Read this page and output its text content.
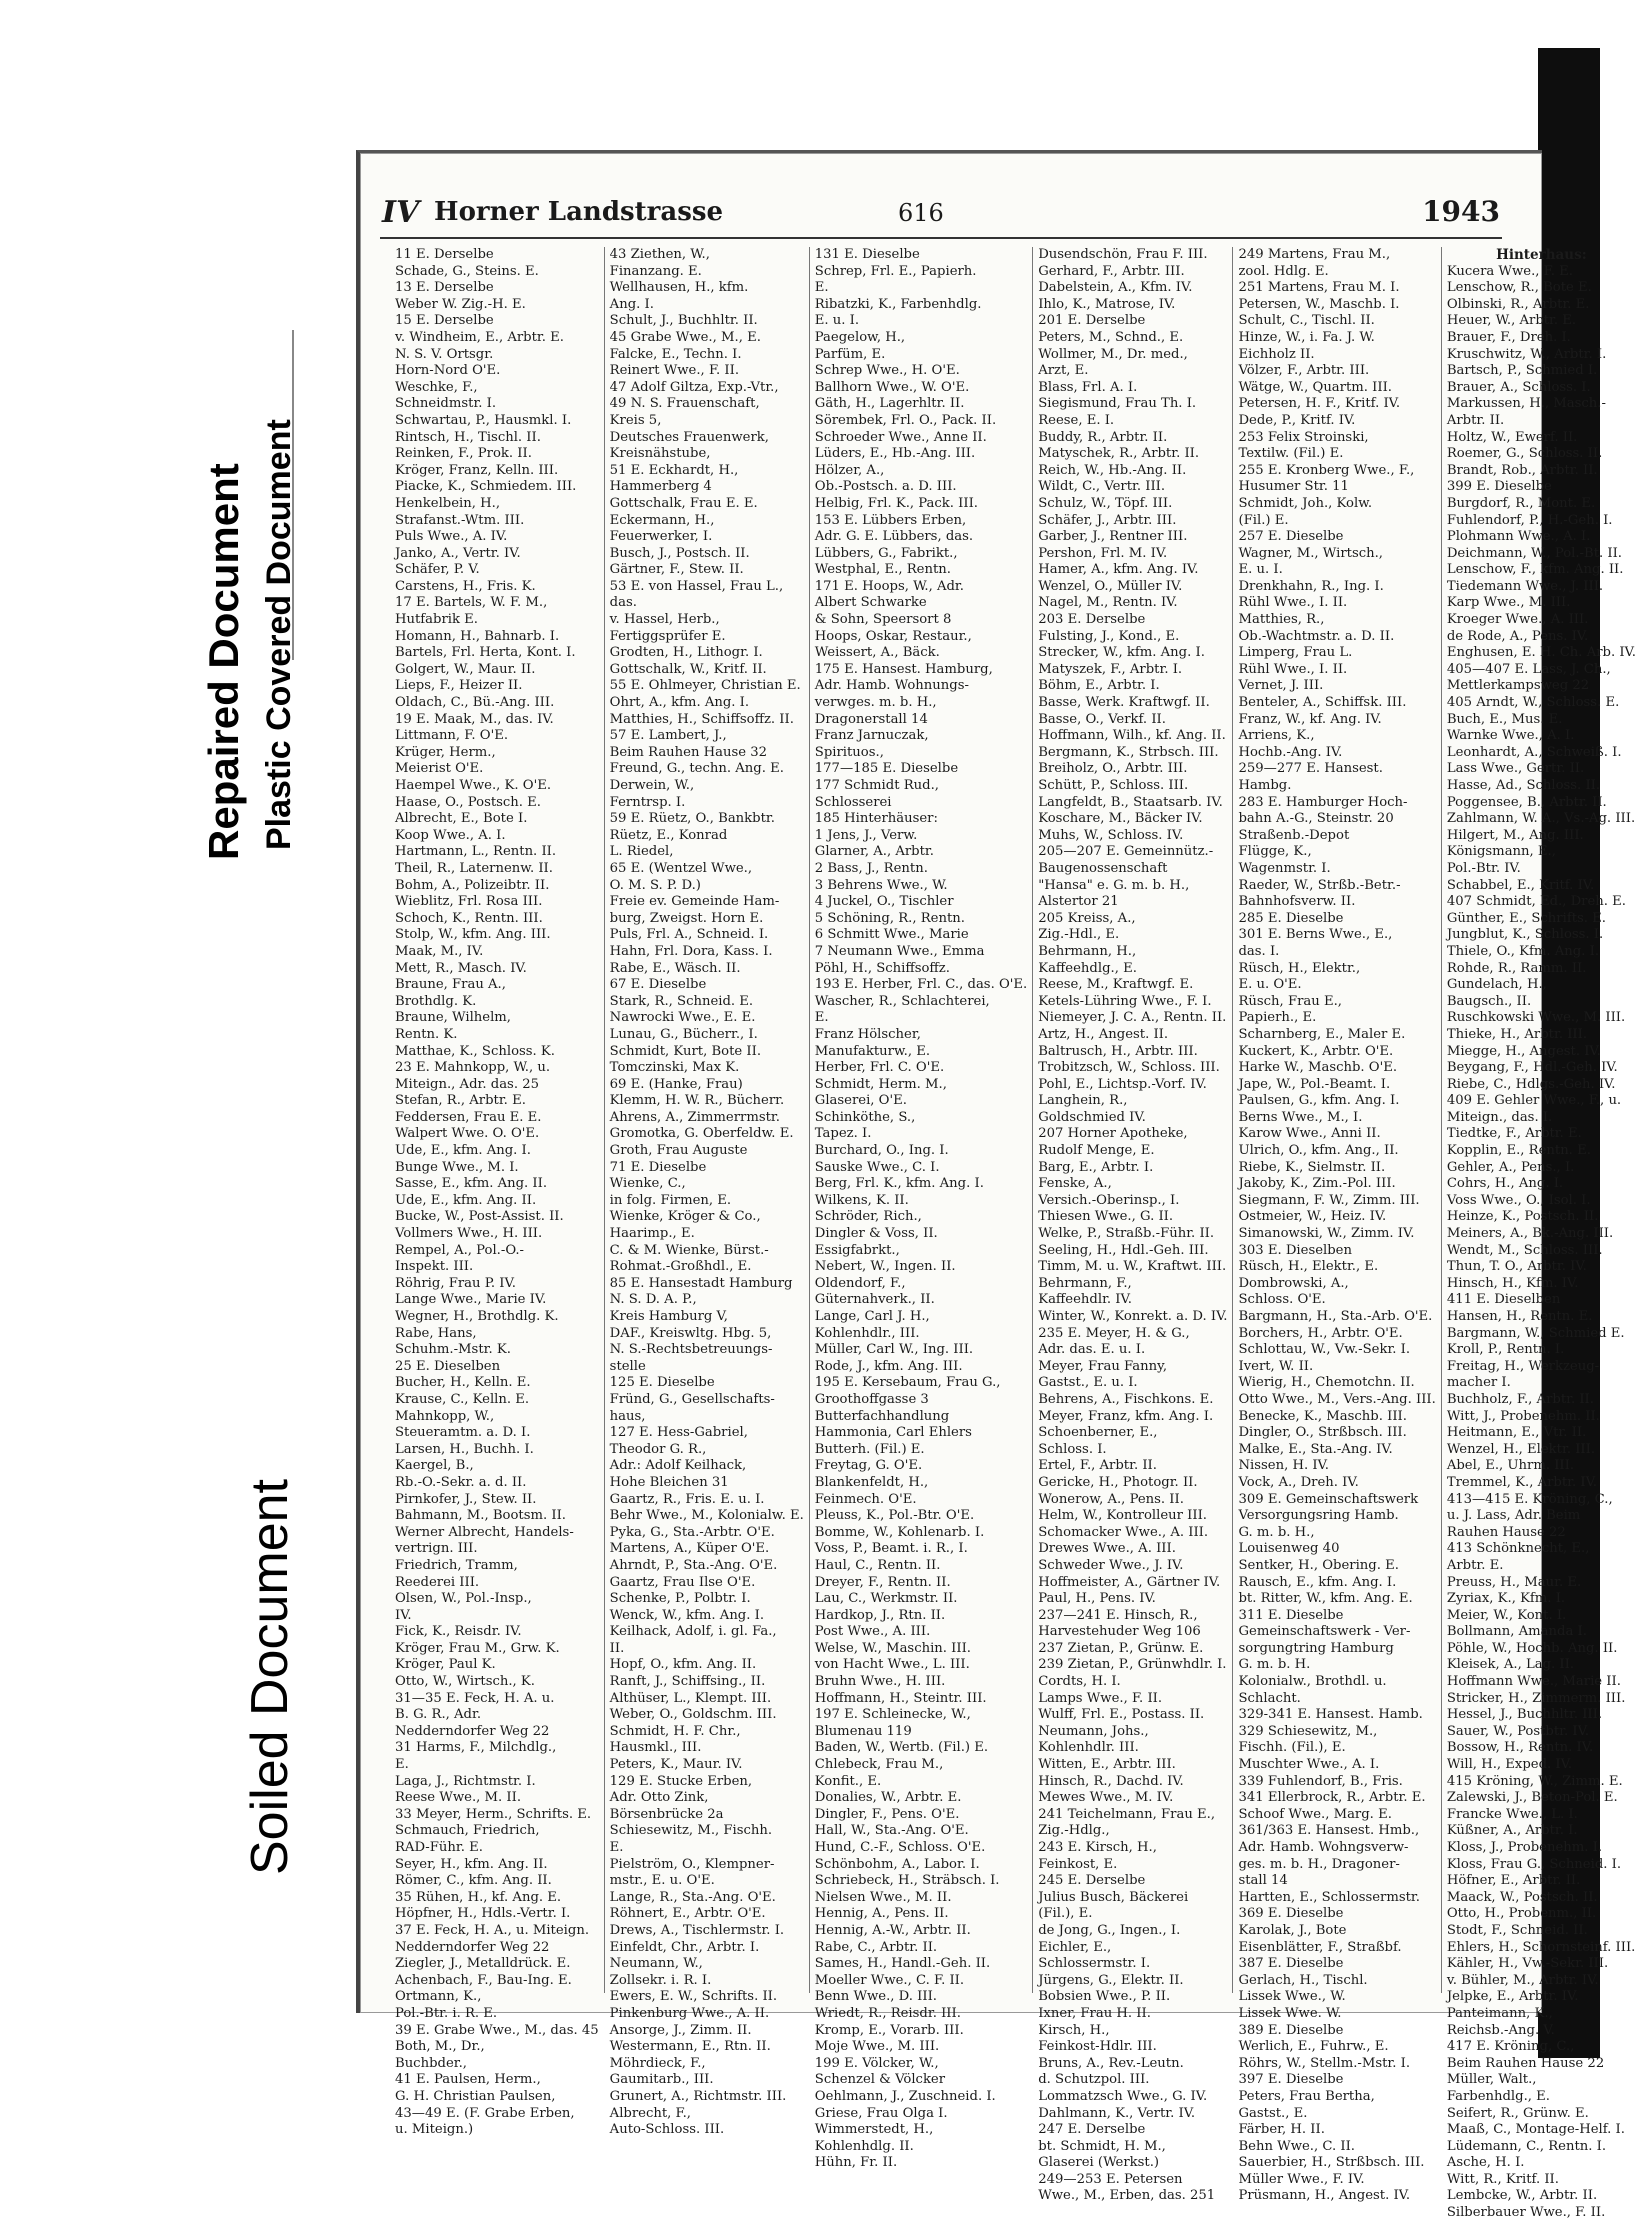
Repaired Document Plastic Covered Document
Soiled Document
IV Horner Landstrasse	616	1943
11 E. Derselbe
Schade, G., Steins. E.
13 E. Derselbe
Weber W. Zig.-H. E.
15 E. Derselbe
v. Windheim, E., Arbtr. E.
N. S. V. Ortsgr.
Horn-Nord O'E.
Weschke, F.,
Schneidmstr. I.
Schwartau, P., Hausmkl. I.
Rintsch, H., Tischl. II.
Reinken, F., Prok. II.
Kröger, Franz, Kelln. III.
Piacke, K., Schmiedem. III.
Henkelbein, H.,
Strafanst.-Wtm. III.
Puls Wwe., A. IV.
Janko, A., Vertr. IV.
Schäfer, P. V.
Carstens, H., Fris. K.
17 E. Bartels, W. F. M.,
Hutfabrik E.
Homann, H., Bahnarb. I.
Bartels, Frl. Herta, Kont. I.
Golgert, W., Maur. II.
Lieps, F., Heizer II.
Oldach, C., Bü.-Ang. III.
19 E. Maak, M., das. IV.
Littmann, F. O'E.
Krüger, Herm.,
Meierist O'E.
Haempel Wwe., K. O'E.
Haase, O., Postsch. E.
Albrecht, E., Bote I.
Koop Wwe., A. I.
Hartmann, L., Rentn. II.
Theil, R., Laternenw. II.
Bohm, A., Polizeibtr. II.
Wieblitz, Frl. Rosa III.
Schoch, K., Rentn. III.
Stolp, W., kfm. Ang. III.
Maak, M., IV.
Mett, R., Masch. IV.
Braune, Frau A.,
Brothdlg. K.
Braune, Wilhelm,
Rentn. K.
Matthae, K., Schloss. K.
23 E. Mahnkopp, W., u.
Miteign., Adr. das. 25
Stefan, R., Arbtr. E.
Feddersen, Frau E. E.
Walpert Wwe. O. O'E.
Ude, E., kfm. Ang. I.
Bunge Wwe., M. I.
Sasse, E., kfm. Ang. II.
Ude, E., kfm. Ang. II.
Bucke, W., Post-Assist. II.
Vollmers Wwe., H. III.
Rempel, A., Pol.-O.-
Inspekt. III.
Röhrig, Frau P. IV.
Lange Wwe., Marie IV.
Wegner, H., Brothdlg. K.
Rabe, Hans,
Schuhm.-Mstr. K.
25 E. Dieselben
Bucher, H., Kelln. E.
Krause, C., Kelln. E.
Mahnkopp, W.,
Steueramtm. a. D. I.
Larsen, H., Buchh. I.
Kaergel, B.,
Rb.-O.-Sekr. a. d. II.
Pirnkofer, J., Stew. II.
Bahmann, M., Bootsm. II.
Werner Albrecht, Handels-
vertrign. III.
Friedrich, Tramm,
Reederei III.
Olsen, W., Pol.-Insp.,
IV.
Fick, K., Reisdr. IV.
Kröger, Frau M., Grw. K.
Kröger, Paul K.
Otto, W., Wirtsch., K.
31—35 E. Feck, H. A. u.
B. G. R., Adr.
Nedderndorfer Weg 22
31 Harms, F., Milchdlg.,
E.
Laga, J., Richtmstr. I.
Reese Wwe., M. II.
33 Meyer, Herm., Schrifts. E.
Schmauch, Friedrich,
RAD-Führ. E.
Seyer, H., kfm. Ang. II.
Römer, C., kfm. Ang. II.
35 Rühen, H., kf. Ang. E.
Höpfner, H., Hdls.-Vertr. I.
37 E. Feck, H. A., u. Miteign.
Nedderndorfer Weg 22
Ziegler, J., Metalldrück. E.
Achenbach, F., Bau-Ing. E.
Ortmann, K.,
Pol.-Btr. i. R. E.
39 E. Grabe Wwe., M., das. 45
Both, M., Dr.,
Buchbder.,
41 E. Paulsen, Herm.,
G. H. Christian Paulsen,
43—49 E. (F. Grabe Erben,
u. Miteign.)
43 Ziethen, W.,
Finanzang. E.
Wellhausen, H., kfm.
Ang. I.
Schult, J., Buchhltr. II.
45 Grabe Wwe., M., E.
Falcke, E., Techn. I.
Reinert Wwe., F. II.
47 Adolf Giltza, Exp.-Vtr.,
49 N. S. Frauenschaft,
Kreis 5,
Deutsches Frauenwerk,
Kreisnähstube,
51 E. Eckhardt, H.,
Hammerberg 4
Gottschalk, Frau E. E.
Eckermann, H.,
Feuerwerker, I.
Busch, J., Postsch. II.
Gärtner, F., Stew. II.
53 E. von Hassel, Frau L.,
das.
v. Hassel, Herb.,
Fertiggsprüfer E.
Grodten, H., Lithogr. I.
Gottschalk, W., Kritf. II.
55 E. Ohlmeyer, Christian E.
Ohrt, A., kfm. Ang. I.
Matthies, H., Schiffsoffz. II.
57 E. Lambert, J.,
Beim Rauhen Hause 32
Freund, G., techn. Ang. E.
Derwein, W.,
Ferntrsp. I.
59 E. Rüetz, O., Bankbtr.
Rüetz, E., Konrad
L. Riedel,
65 E. (Wentzel Wwe.,
O. M. S. P. D.)
Freie ev. Gemeinde Ham-
burg, Zweigst. Horn E.
Puls, Frl. A., Schneid. I.
Hahn, Frl. Dora, Kass. I.
Rabe, E., Wäsch. II.
67 E. Dieselbe
Stark, R., Schneid. E.
Nawrocki Wwe., E. E.
Lunau, G., Bücherr., I.
Schmidt, Kurt, Bote II.
Tomczinski, Max K.
69 E. (Hanke, Frau)
Klemm, H. W. R., Bücherr.
Ahrens, A., Zimmerrmstr.
Gromotka, G. Oberfeldw. E.
Groth, Frau Auguste
71 E. Dieselbe
Wienke, C.,
in folg. Firmen, E.
Wienke, Kröger & Co.,
Haarimp., E.
C. & M. Wienke, Bürst.-
Rohmat.-Großhdl., E.
85 E. Hansestadt Hamburg
N. S. D. A. P.,
Kreis Hamburg V,
DAF., Kreiswltg. Hbg. 5,
N. S.-Rechtsbetreuungs-
stelle
125 E. Dieselbe
Fründ, G., Gesellschafts-
haus,
127 E. Hess-Gabriel,
Theodor G. R.,
Adr.: Adolf Keilhack,
Hohe Bleichen 31
Gaartz, R., Fris. E. u. I.
Behr Wwe., M., Kolonialw. E.
Pyka, G., Sta.-Arbtr. O'E.
Martens, A., Küper O'E.
Ahrndt, P., Sta.-Ang. O'E.
Gaartz, Frau Ilse O'E.
Schenke, P., Polbtr. I.
Wenck, W., kfm. Ang. I.
Keilhack, Adolf, i. gl. Fa.,
II.
Hopf, O., kfm. Ang. II.
Ranft, J., Schiffsing., II.
Althüser, L., Klempt. III.
Weber, O., Goldschm. III.
Schmidt, H. F. Chr.,
Hausmkl., III.
Peters, K., Maur. IV.
129 E. Stucke Erben,
Adr. Otto Zink,
Börsenbrücke 2a
Schiesewitz, M., Fischh.
E.
Pielström, O., Klempner-
mstr., E. u. O'E.
Lange, R., Sta.-Ang. O'E.
Röhnert, E., Arbtr. O'E.
Drews, A., Tischlermstr. I.
Einfeldt, Chr., Arbtr. I.
Neumann, W.,
Zollsekr. i. R. I.
Ewers, E. W., Schrifts. II.
Pinkenburg Wwe., A. II.
Ansorge, J., Zimm. II.
Westermann, E., Rtn. II.
Möhrdieck, F.,
Gaumitarb., III.
Grunert, A., Richtmstr. III.
Albrecht, F.,
Auto-Schloss. III.
131 E. Dieselbe
Schrep, Frl. E., Papierh.
E.
Ribatzki, K., Farbenhdlg.
E. u. I.
Paegelow, H.,
Parfüm, E.
Schrep Wwe., H. O'E.
Ballhorn Wwe., W. O'E.
Gäth, H., Lagerhltr. II.
Sörembek, Frl. O., Pack. II.
Schroeder Wwe., Anne II.
Lüders, E., Hb.-Ang. III.
Hölzer, A.,
Ob.-Postsch. a. D. III.
Helbig, Frl. K., Pack. III.
153 E. Lübbers Erben,
Adr. G. E. Lübbers, das.
Lübbers, G., Fabrikt.,
Westphal, E., Rentn.
171 E. Hoops, W., Adr.
Albert Schwarke
& Sohn, Speersort 8
Hoops, Oskar, Restaur.,
Weissert, A., Bäck.
175 E. Hansest. Hamburg,
Adr. Hamb. Wohnungs-
verwges. m. b. H.,
Dragonerstall 14
Franz Jarnuczak,
Spirituos.,
177—185 E. Dieselbe
177 Schmidt Rud.,
Schlosserei
185 Hinterhäuser:
1 Jens, J., Verw.
Glarner, A., Arbtr.
2 Bass, J., Rentn.
3 Behrens Wwe., W.
4 Juckel, O., Tischler
5 Schöning, R., Rentn.
6 Schmitt Wwe., Marie
7 Neumann Wwe., Emma
Pöhl, H., Schiffsoffz.
193 E. Herber, Frl. C., das. O'E.
Wascher, R., Schlachterei,
E.
Franz Hölscher,
Manufakturw., E.
Herber, Frl. C. O'E.
Schmidt, Herm. M.,
Glaserei, O'E.
Schinköthe, S.,
Tapez. I.
Burchard, O., Ing. I.
Sauske Wwe., C. I.
Berg, Frl. K., kfm. Ang. I.
Wilkens, K. II.
Schröder, Rich.,
Dingler & Voss, II.
Essigfabrkt.,
Nebert, W., Ingen. II.
Oldendorf, F.,
Güternahverk., II.
Lange, Carl J. H.,
Kohlenhdlr., III.
Müller, Carl W., Ing. III.
Rode, J., kfm. Ang. III.
195 E. Kersebaum, Frau G.,
Groothoffgasse 3
Butterfachhandlung
Hammonia, Carl Ehlers
Butterh. (Fil.) E.
Freytag, G. O'E.
Blankenfeldt, H.,
Feinmech. O'E.
Pleuss, K., Pol.-Btr. O'E.
Bomme, W., Kohlenarb. I.
Voss, P., Beamt. i. R., I.
Haul, C., Rentn. II.
Dreyer, F., Rentn. II.
Lau, C., Werkmstr. II.
Hardkop, J., Rtn. II.
Post Wwe., A. III.
Welse, W., Maschin. III.
von Hacht Wwe., L. III.
Bruhn Wwe., H. III.
Hoffmann, H., Steintr. III.
197 E. Schleinecke, W.,
Blumenau 119
Baden, W., Wertb. (Fil.) E.
Chlebeck, Frau M.,
Konfit., E.
Donalies, W., Arbtr. E.
Dingler, F., Pens. O'E.
Hall, W., Sta.-Ang. O'E.
Hund, C.-F., Schloss. O'E.
Schönbohm, A., Labor. I.
Schriebeck, H., Sträbsch. I.
Nielsen Wwe., M. II.
Hennig, A., Pens. II.
Hennig, A.-W., Arbtr. II.
Rabe, C., Arbtr. II.
Sames, H., Handl.-Geh. II.
Moeller Wwe., C. F. II.
Benn Wwe., D. III.
Wriedt, R., Reisdr. III.
Kromp, E., Vorarb. III.
Moje Wwe., M. III.
199 E. Völcker, W.,
Schenzel & Völcker
Oehlmann, J., Zuschneid. I.
Griese, Frau Olga I.
Wimmerstedt, H.,
Kohlenhdlg. II.
Hühn, Fr. II.
Dusendschön, Frau F. III.
Gerhard, F., Arbtr. III.
Dabelstein, A., Kfm. IV.
Ihlo, K., Matrose, IV.
201 E. Derselbe
Peters, M., Schnd., E.
Wollmer, M., Dr. med.,
Arzt, E.
Blass, Frl. A. I.
Siegismund, Frau Th. I.
Reese, E. I.
Buddy, R., Arbtr. II.
Matyschek, R., Arbtr. II.
Reich, W., Hb.-Ang. II.
Wildt, C., Vertr. III.
Schulz, W., Töpf. III.
Schäfer, J., Arbtr. III.
Garber, J., Rentner III.
Pershon, Frl. M. IV.
Hamer, A., kfm. Ang. IV.
Wenzel, O., Müller IV.
Nagel, M., Rentn. IV.
203 E. Derselbe
Fulsting, J., Kond., E.
Strecker, W., kfm. Ang. I.
Matyszek, F., Arbtr. I.
Böhm, E., Arbtr. I.
Basse, Werk. Kraftwgf. II.
Basse, O., Verkf. II.
Hoffmann, Wilh., kf. Ang. II.
Bergmann, K., Strbsch. III.
Breiholz, O., Arbtr. III.
Schütt, P., Schloss. III.
Langfeldt, B., Staatsarb. IV.
Koschare, M., Bäcker IV.
Muhs, W., Schloss. IV.
205—207 E. Gemeinnütz.-
Baugenossenschaft
"Hansa" e. G. m. b. H.,
Alstertor 21
205 Kreiss, A.,
Zig.-Hdl., E.
Behrmann, H.,
Kaffeehdlg., E.
Reese, M., Kraftwgf. E.
Ketels-Lühring Wwe., F. I.
Niemeyer, J. C. A., Rentn. II.
Artz, H., Angest. II.
Baltrusch, H., Arbtr. III.
Trobitzsch, W., Schloss. III.
Pohl, E., Lichtsp.-Vorf. IV.
Langhein, R.,
Goldschmied IV.
207 Horner Apotheke,
Rudolf Menge, E.
Barg, E., Arbtr. I.
Fenske, A.,
Versich.-Oberinsp., I.
Thiesen Wwe., G. II.
Welke, P., Straßb.-Führ. II.
Seeling, H., Hdl.-Geh. III.
Timm, M. u. W., Kraftwt. III.
Behrmann, F.,
Kaffeehdlr. IV.
Winter, W., Konrekt. a. D. IV.
235 E. Meyer, H. & G.,
Adr. das. E. u. I.
Meyer, Frau Fanny,
Gastst., E. u. I.
Behrens, A., Fischkons. E.
Meyer, Franz, kfm. Ang. I.
Schoenberner, E.,
Schloss. I.
Ertel, F., Arbtr. II.
Gericke, H., Photogr. II.
Wonerow, A., Pens. II.
Helm, W., Kontrolleur III.
Schomacker Wwe., A. III.
Drewes Wwe., A. III.
Schweder Wwe., J. IV.
Hoffmeister, A., Gärtner IV.
Paul, H., Pens. IV.
237—241 E. Hinsch, R.,
Harvestehuder Weg 106
237 Zietan, P., Grünw. E.
239 Zietan, P., Grünwhdlr. I.
Cordts, H. I.
Lamps Wwe., F. II.
Wulff, Frl. E., Postass. II.
Neumann, Johs.,
Kohlenhdlr. III.
Witten, E., Arbtr. III.
Hinsch, R., Dachd. IV.
Mewes Wwe., M. IV.
241 Teichelmann, Frau E.,
Zig.-Hdlg.,
243 E. Kirsch, H.,
Feinkost, E.
245 E. Derselbe
Julius Busch, Bäckerei
(Fil.), E.
de Jong, G., Ingen., I.
Eichler, E.,
Schlossermstr. I.
Jürgens, G., Elektr. II.
Bobsien Wwe., P. II.
Ixner, Frau H. II.
Kirsch, H.,
Feinkost-Hdlr. III.
Bruns, A., Rev.-Leutn.
d. Schutzpol. III.
Lommatzsch Wwe., G. IV.
Dahlmann, K., Vertr. IV.
247 E. Derselbe
bt. Schmidt, H. M.,
Glaserei (Werkst.)
249—253 E. Petersen
Wwe., M., Erben, das. 251
249 Martens, Frau M.,
zool. Hdlg. E.
251 Martens, Frau M. I.
Petersen, W., Maschb. I.
Schult, C., Tischl. II.
Hinze, W., i. Fa. J. W.
Eichholz II.
Völzer, F., Arbtr. III.
Wätge, W., Quartm. III.
Petersen, H. F., Kritf. IV.
Dede, P., Kritf. IV.
253 Felix Stroinski,
Textilw. (Fil.) E.
255 E. Kronberg Wwe., F.,
Husumer Str. 11
Schmidt, Joh., Kolw.
(Fil.) E.
257 E. Dieselbe
Wagner, M., Wirtsch.,
E. u. I.
Drenkhahn, R., Ing. I.
Rühl Wwe., I. II.
Matthies, R.,
Ob.-Wachtmstr. a. D. II.
Limperg, Frau L.
Rühl Wwe., I. II.
Vernet, J. III.
Benteler, A., Schiffsk. III.
Franz, W., kf. Ang. IV.
Arriens, K.,
Hochb.-Ang. IV.
259—277 E. Hansest.
Hambg.
283 E. Hamburger Hoch-
bahn A.-G., Steinstr. 20
Straßenb.-Depot
Flügge, K.,
Wagenmstr. I.
Raeder, W., Strßb.-Betr.-
Bahnhofsverw. II.
285 E. Dieselbe
301 E. Berns Wwe., E.,
das. I.
Rüsch, H., Elektr.,
E. u. O'E.
Rüsch, Frau E.,
Papierh., E.
Scharnberg, E., Maler E.
Kuckert, K., Arbtr. O'E.
Harke W., Maschb. O'E.
Jape, W., Pol.-Beamt. I.
Paulsen, G., kfm. Ang. I.
Berns Wwe., M., I.
Karow Wwe., Anni II.
Ulrich, O., kfm. Ang., II.
Riebe, K., Sielmstr. II.
Jakoby, K., Zim.-Pol. III.
Siegmann, F. W., Zimm. III.
Ostmeier, W., Heiz. IV.
Simanowski, W., Zimm. IV.
303 E. Dieselben
Rüsch, H., Elektr., E.
Dombrowski, A.,
Schloss. O'E.
Bargmann, H., Sta.-Arb. O'E.
Borchers, H., Arbtr. O'E.
Schlottau, W., Vw.-Sekr. I.
Ivert, W. II.
Wierig, H., Chemotchn. II.
Otto Wwe., M., Vers.-Ang. III.
Benecke, K., Maschb. III.
Dingler, O., Strßbsch. III.
Malke, E., Sta.-Ang. IV.
Nissen, H. IV.
Vock, A., Dreh. IV.
309 E. Gemeinschaftswerk
Versorgungsring Hamb.
G. m. b. H.,
Louisenweg 40
Sentker, H., Obering. E.
Rausch, E., kfm. Ang. I.
bt. Ritter, W., kfm. Ang. E.
311 E. Dieselbe
Gemeinschaftswerk - Ver-
sorgungtring Hamburg
G. m. b. H.
Kolonialw., Brothdl. u.
Schlacht.
329-341 E. Hansest. Hamb.
329 Schiesewitz, M.,
Fischh. (Fil.), E.
Muschter Wwe., A. I.
339 Fuhlendorf, B., Fris.
341 Ellerbrock, R., Arbtr. E.
Schoof Wwe., Marg. E.
361/363 E. Hansest. Hmb.,
Adr. Hamb. Wohngsverw-
ges. m. b. H., Dragoner-
stall 14
Hartten, E., Schlossermstr.
369 E. Dieselbe
Karolak, J., Bote
Eisenblätter, F., Straßbf.
387 E. Dieselbe
Gerlach, H., Tischl.
Lissek Wwe., W.
Lissek Wwe. W.
389 E. Dieselbe
Werlich, E., Fuhrw., E.
Röhrs, W., Stellm.-Mstr. I.
397 E. Dieselbe
Peters, Frau Bertha,
Gastst., E.
Färber, H. II.
Behn Wwe., C. II.
Sauerbier, H., Strßbsch. III.
Müller Wwe., F. IV.
Prüsmann, H., Angest. IV.
Hinterhaus:
Kucera Wwe., F. E.
Lenschow, R., Bote E.
Olbinski, R., Arbtr. E.
Heuer, W., Arbtr. E.
Brauer, F., Dreh. I.
Kruschwitz, W., Arbtr. I.
Bartsch, P., Schmied I.
Brauer, A., Schloss. I.
Markussen, H., Masch.-
Arbtr. II.
Holtz, W., Ewerf. II.
Roemer, G., Schloss. II.
Brandt, Rob., Arbtr. II.
399 E. Dieselbe
Burgdorf, R., Mont. E.
Fuhlendorf, P., H.-Geh. I.
Plohmann Wwe., A. I.
Deichmann, W., Pol.-Bt. II.
Lenschow, F., kfm. Ang. II.
Tiedemann Wwe., J. III.
Karp Wwe., M. III.
Kroeger Wwe., A. III.
de Rode, A., Pens. IV.
Enghusen, E. H. Ch. Arb. IV.
405—407 E. Lass, J. Ch.,
Mettlerkampsweg 22
405 Arndt, W., Schloss. E.
Buch, E., Mus. E.
Warnke Wwe., A. I.
Leonhardt, A., Schweiß. I.
Lass Wwe., Gertr. II.
Hasse, Ad., Schloss. II.
Poggensee, B., Arbtr. II.
Zahlmann, W. A., Vs.-Ag. III.
Hilgert, M., Ang. III.
Königsmann, E.,
Pol.-Btr. IV.
Schabbel, E., Kritf. IV.
407 Schmidt, Ed., Dreh. E.
Günther, E., Schrifts. E.
Jungblut, K., Schloss. I.
Thiele, O., Kfm. Ang. I.
Rohde, R., Ramm. II.
Gundelach, H.,
Baugsch., II.
Ruschkowski Wwe., M. III.
Thieke, H., Arbtr. III.
Miegge, H., Angest. IV.
Beygang, F., Hdl.-Geh. IV.
Riebe, C., Hdlgs.-Geh. IV.
409 E. Gehler Wwe., F., u.
Miteign., das. I.
Tiedtke, F., Arbtr. E.
Kopplin, E., Rentn. E.
Gehler, A., Pens., I.
Cohrs, H., Ang. I.
Voss Wwe., O., Isol. I.
Heinze, K., Postsch. II.
Meiners, A., Bk.-Ang. III.
Wendt, M., Schloss. III.
Thun, T. O., Arbtr. IV.
Hinsch, H., Kfm. IV.
411 E. Dieselben
Hansen, H., Rentn. E.
Bargmann, W., Schmied E.
Kroll, P., Rentn. I.
Freitag, H., Werkzeug-
macher I.
Buchholz, F., Arbtr. II.
Witt, J., Probenehm. II.
Heitmann, E., Vtr. II.
Wenzel, H., Elektr. III.
Abel, E., Uhrm. III.
Tremmel, K., Arbtr. IV.
413—415 E. Kröning, C.,
u. J. Lass, Adr. Beim
Rauhen Hause 22
413 Schönknecht, E.,
Arbtr. E.
Preuss, H., Maur. E.
Zyriax, K., Kfm. I.
Meier, W., Kont. I.
Bollmann, Amanda I.
Pöhle, W., Hochb. Ang. II.
Kleisek, A., Lag. II.
Hoffmann Wwe., Marie II.
Stricker, H., Zimmerm. III.
Hessel, J., Buchhltr. III.
Sauer, W., Postbtr. IV.
Bossow, H., Rentn. IV.
Will, H., Exped. IV.
415 Kröning, W., Zimm. E.
Zalewski, J., Beton-Pol. E.
Francke Wwe., L. I.
Küßner, A., Arbtr. I.
Kloss, J., Probenehm. I.
Kloss, Frau G., Schneid. I.
Höfner, E., Arbtr. II.
Maack, W., Postsch. II.
Otto, H., Probenm., II.
Stodt, F., Schneid. II.
Ehlers, H., Schornsteinf. III.
Kähler, H., Vw.-Sekr. III.
v. Bühler, M., Arbtr. IV.
Jelpke, E., Arbtr. IV.
Panteimann, K.,
Reichsb.-Ang. V.
417 E. Kröning, C.,
Beim Rauhen Hause 22
Müller, Walt.,
Farbenhdlg., E.
Seifert, R., Grünw. E.
Maaß, C., Montage-Helf. I.
Lüdemann, C., Rentn. I.
Asche, H. I.
Witt, R., Kritf. II.
Lembcke, W., Arbtr. II.
Silberbauer Wwe., F. II.
